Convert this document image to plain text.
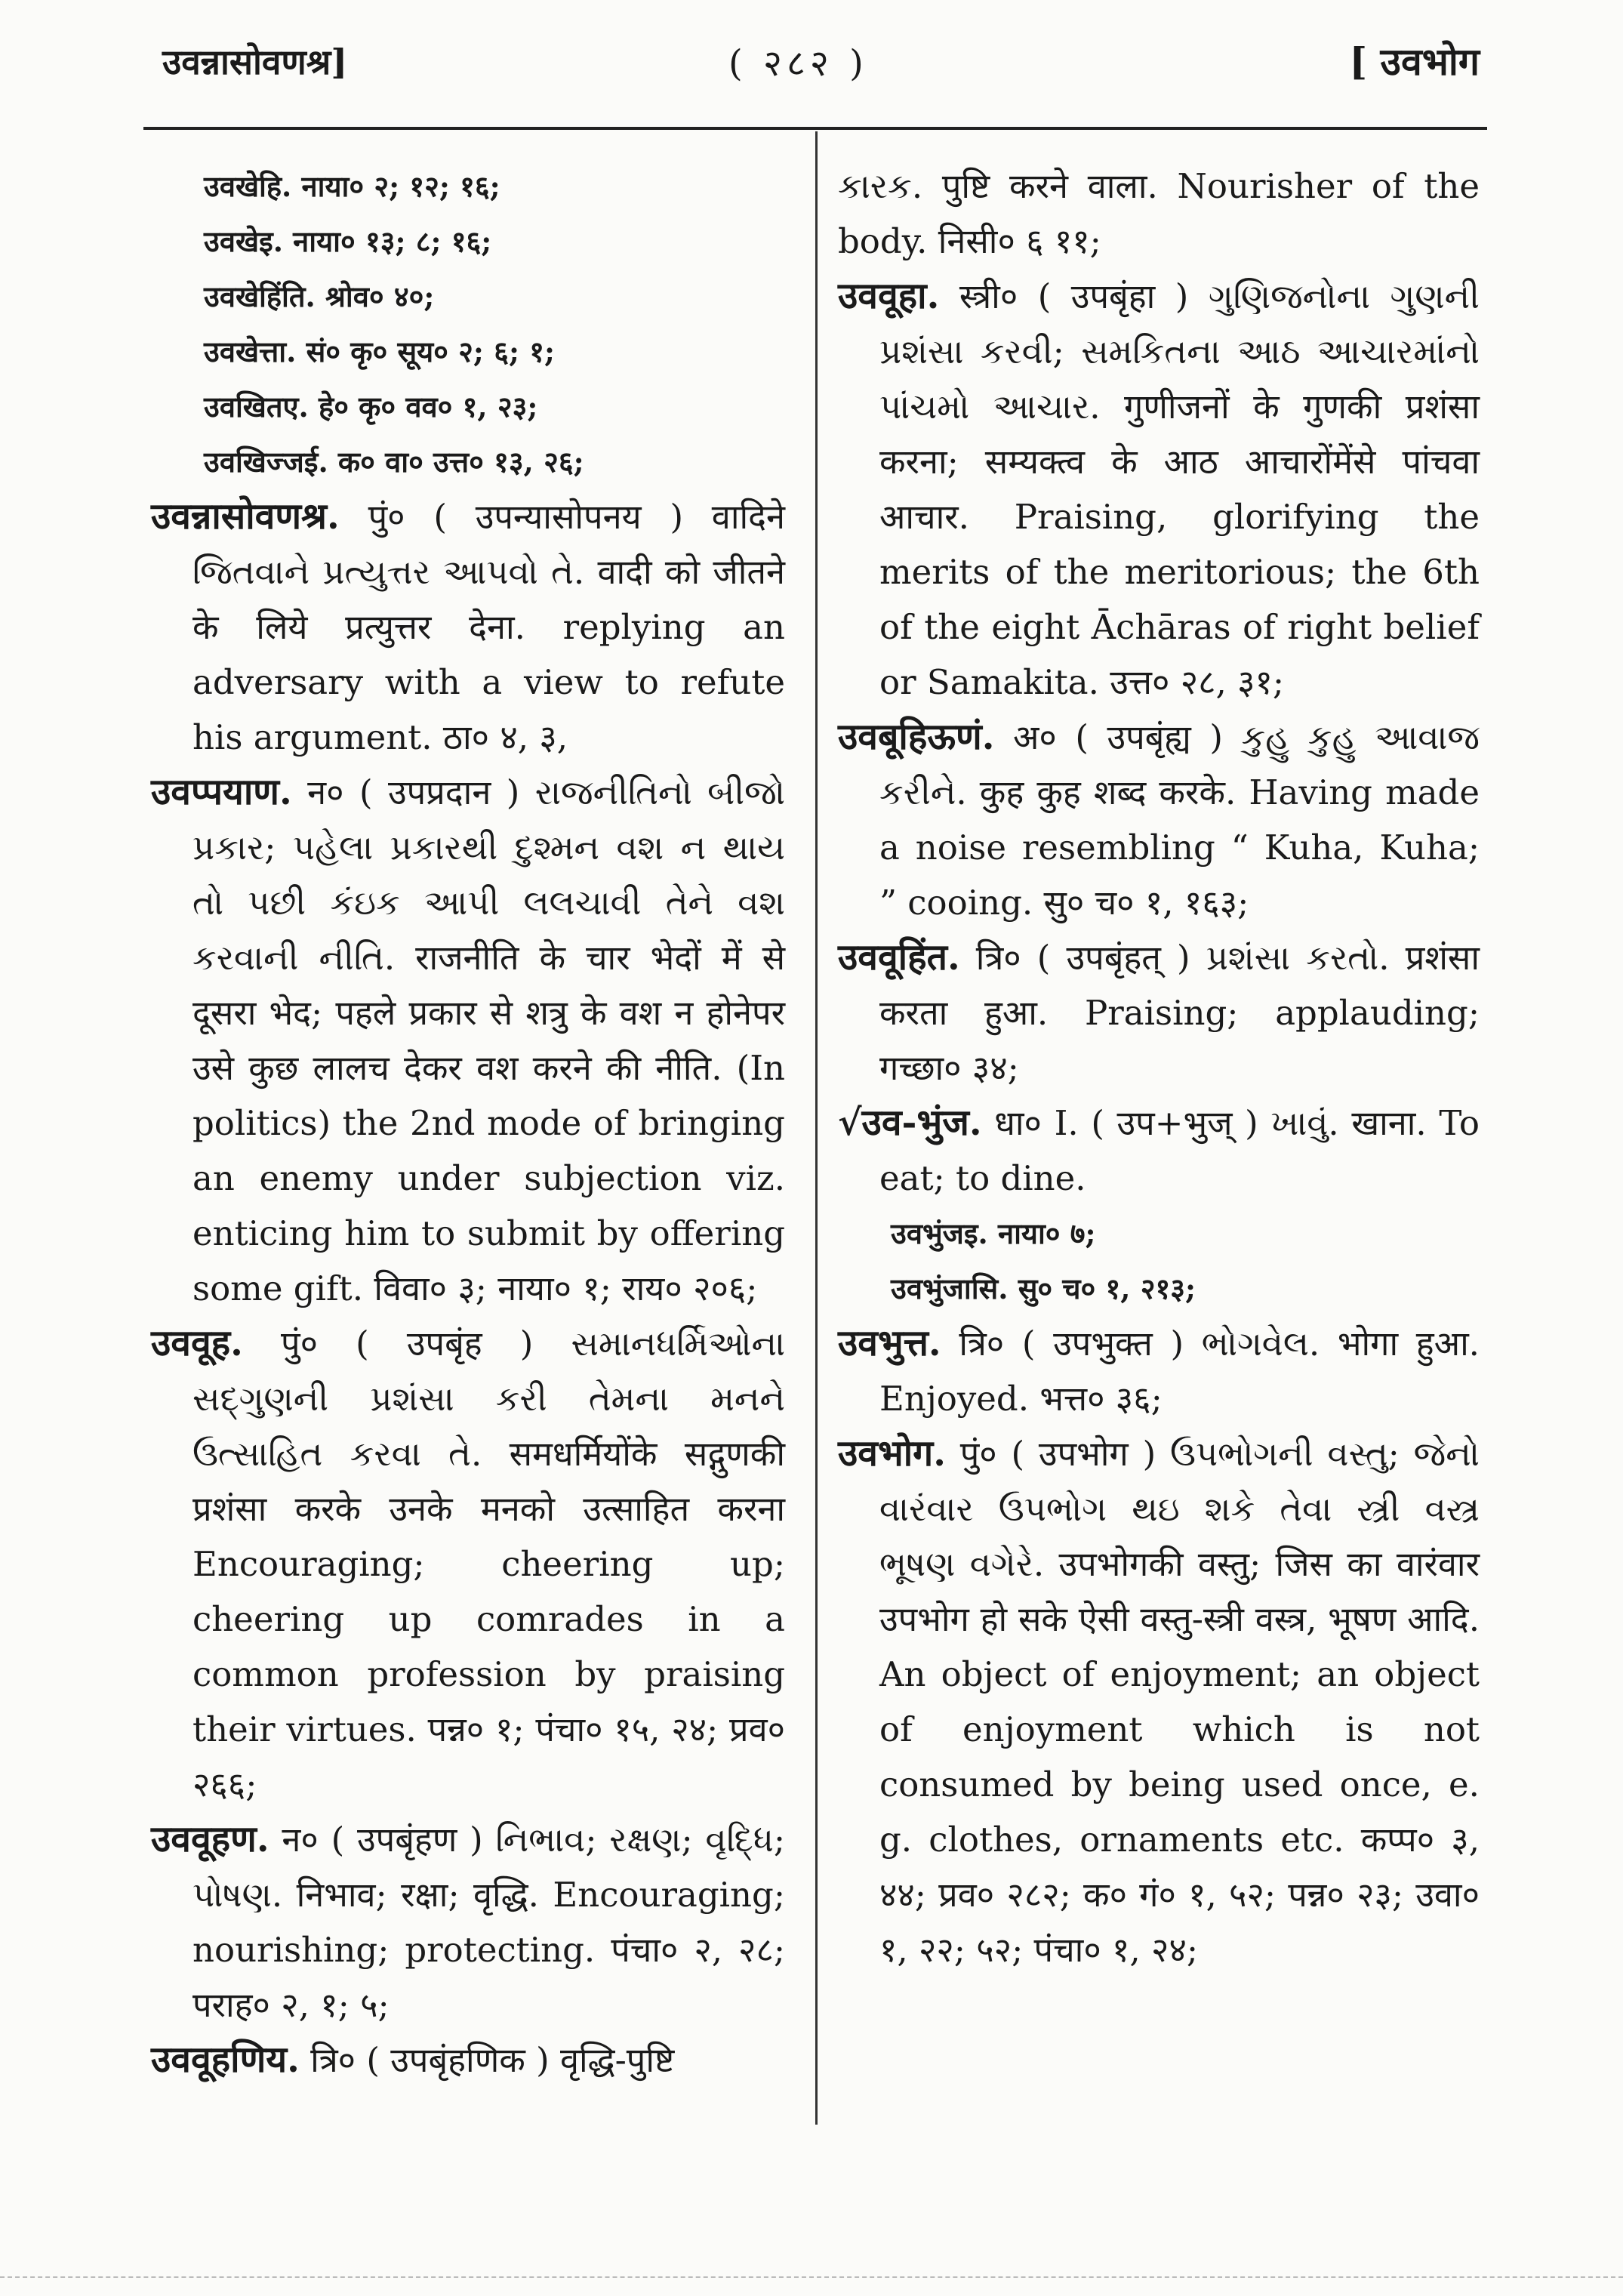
उवन्नासोवणश्र]	( २८२ )	[ उवभोग
उवखेहि. नाया० २; १२; १६;
उवखेइ. नाया० १३; ८; १६;
उवखेहिंति. श्रोव० ४०;
उवखेत्ता. सं० कृ० सूय० २; ६; १;
उवखितए. हे० कृ० वव० १, २३;
उवखिज्जई. क० वा० उत्त० १३, २६;
उवन्नासोवणश्र. पुं० ( उपन्यासोपनय ) वादिने જિતવાને પ્રત્યુત્તર આપવો તે. वादी को जीतने के लिये प्रत्युत्तर देना. replying an adversary with a view to refute his argument. ठा० ४, ३,
उवप्पयाण. न० ( उपप्रदान ) રાજનીતિનો બીજો પ્રકાર; પહેલા પ્રકારથી દુશ્મન વશ ન થાય તો પછી કંઇક આપી લલચાવી તેને વશ કરવાની નીતિ. राजनीति के चार भेदों में से दूसरा भेद; पहले प्रकार से शत्रु के वश न होनेपर उसे कुछ लालच देकर वश करने की नीति. (In politics) the 2nd mode of bringing an enemy under subjection viz. enticing him to submit by offering some gift. विवा० ३; नाया० १; राय० २०६;
उववूह. पुं० ( उपबृंह ) સમાનધર્મિઓના સદ્ગુણની પ્રશંસા કરી તેમના મનને ઉત્સાહિત કરવા તે. समधर्मियोंके सद्गुणकी प्रशंसा करके उनके मनको उत्साहित करना Encouraging; cheering up; cheering up comrades in a common profession by praising their virtues. पन्न० १; पंचा० १५, २४; प्रव० २६६;
उववूहण. न० ( उपबृंहण ) નિભાવ; રક્ષણ; વૃદ્ધિ; પોષણ. निभाव; रक्षा; वृद्धि. Encouraging; nourishing; protecting. पंचा० २, २८; पराह० २, १; ५;
उववूहणिय. त्रि० ( उपबृंहणिक ) वृद्धि-पुष्टि
કારક. पुष्टि करने वाला. Nourisher of the body. निसी० ६ ११;
उववूहा. स्त्री० ( उपबृंहा ) ગુણિજનોના ગુણની પ્રશંસા કરવી; સમકિતના આઠ આચારમાંનો પાંચમો આચાર. गुणीजनों के गुणकी प्रशंसा करना; सम्यक्त्व के आठ आचारोंमेंसे पांचवा आचार. Praising, glorifying the merits of the meritorious; the 6th of the eight Āchāras of right belief or Samakita. उत्त० २८, ३१;
उवबूहिऊणं. अ० ( उपबृंह्य ) કુહુ કુહુ આવાજ કરીને. कुह कुह शब्द करके. Having made a noise resembling “ Kuha, Kuha; ” cooing. सु० च० १, १६३;
उववूहिंत. त्रि० ( उपबृंहत् ) પ્રશંસા કરતો. प्रशंसा करता हुआ. Praising; applauding; गच्छा० ३४;
√उव-भुंज. धा० I. ( उप+भुज् ) ખાવું. खाना. To eat; to dine.
उवभुंजइ. नाया० ७;
उवभुंजासि. सु० च० १, २१३;
उवभुत्त. त्रि० ( उपभुक्त ) ભોગવેલ. भोगा हुआ. Enjoyed. भत्त० ३६;
उवभोग. पुं० ( उपभोग ) ઉપભોગની વસ્તુ; જેનો વારંવાર ઉપભોગ થઇ શકે તેવા સ્ત્રી વસ્ત્ર ભૂષણ વગેરે. उपभोगकी वस्तु; जिस का वारंवार उपभोग हो सके ऐसी वस्तु-स्त्री वस्त्र, भूषण आदि. An object of enjoyment; an object of enjoyment which is not consumed by being used once, e. g. clothes, ornaments etc. कप्प० ३, ४४; प्रव० २८२; क० गं० १, ५२; पन्न० २३; उवा० १, २२; ५२; पंचा० १, २४;
